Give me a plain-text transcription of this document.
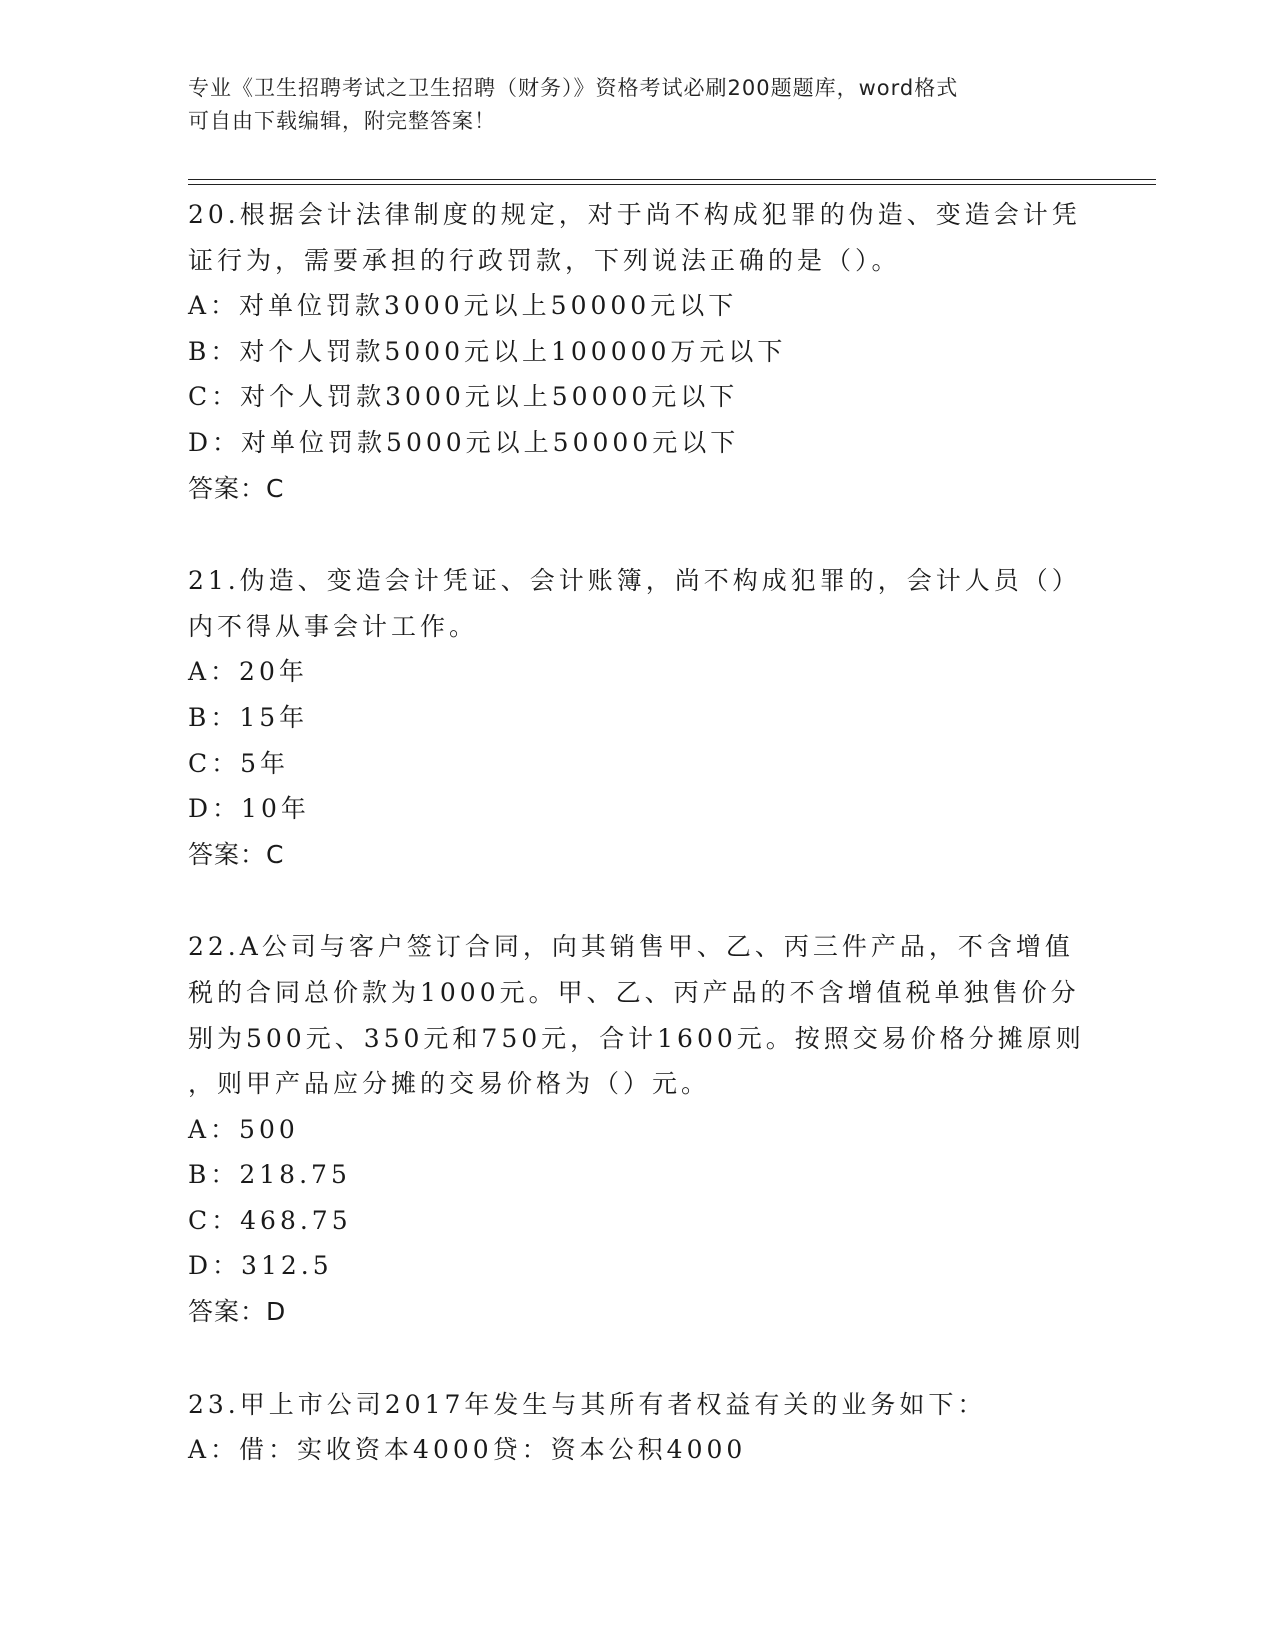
专业《卫生招聘考试之卫生招聘（财务）》资格考试必刷200题题库，word格式
可自由下载编辑，附完整答案！
20.根据会计法律制度的规定，对于尚不构成犯罪的伪造、变造会计凭
证行为，需要承担的行政罚款，下列说法正确的是（）。
A：对单位罚款3000元以上50000元以下
B：对个人罚款5000元以上100000万元以下
C：对个人罚款3000元以上50000元以下
D：对单位罚款5000元以上50000元以下
答案：C
21.伪造、变造会计凭证、会计账簿，尚不构成犯罪的，会计人员（）
内不得从事会计工作。
A：20年
B：15年
C：5年
D：10年
答案：C
22.A公司与客户签订合同，向其销售甲、乙、丙三件产品，不含增值
税的合同总价款为1000元。甲、乙、丙产品的不含增值税单独售价分
别为500元、350元和750元，合计1600元。按照交易价格分摊原则
，则甲产品应分摊的交易价格为（）元。
A：500
B：218.75
C：468.75
D：312.5
答案：D
23.甲上市公司2017年发生与其所有者权益有关的业务如下：
A：借：实收资本4000贷：资本公积4000
